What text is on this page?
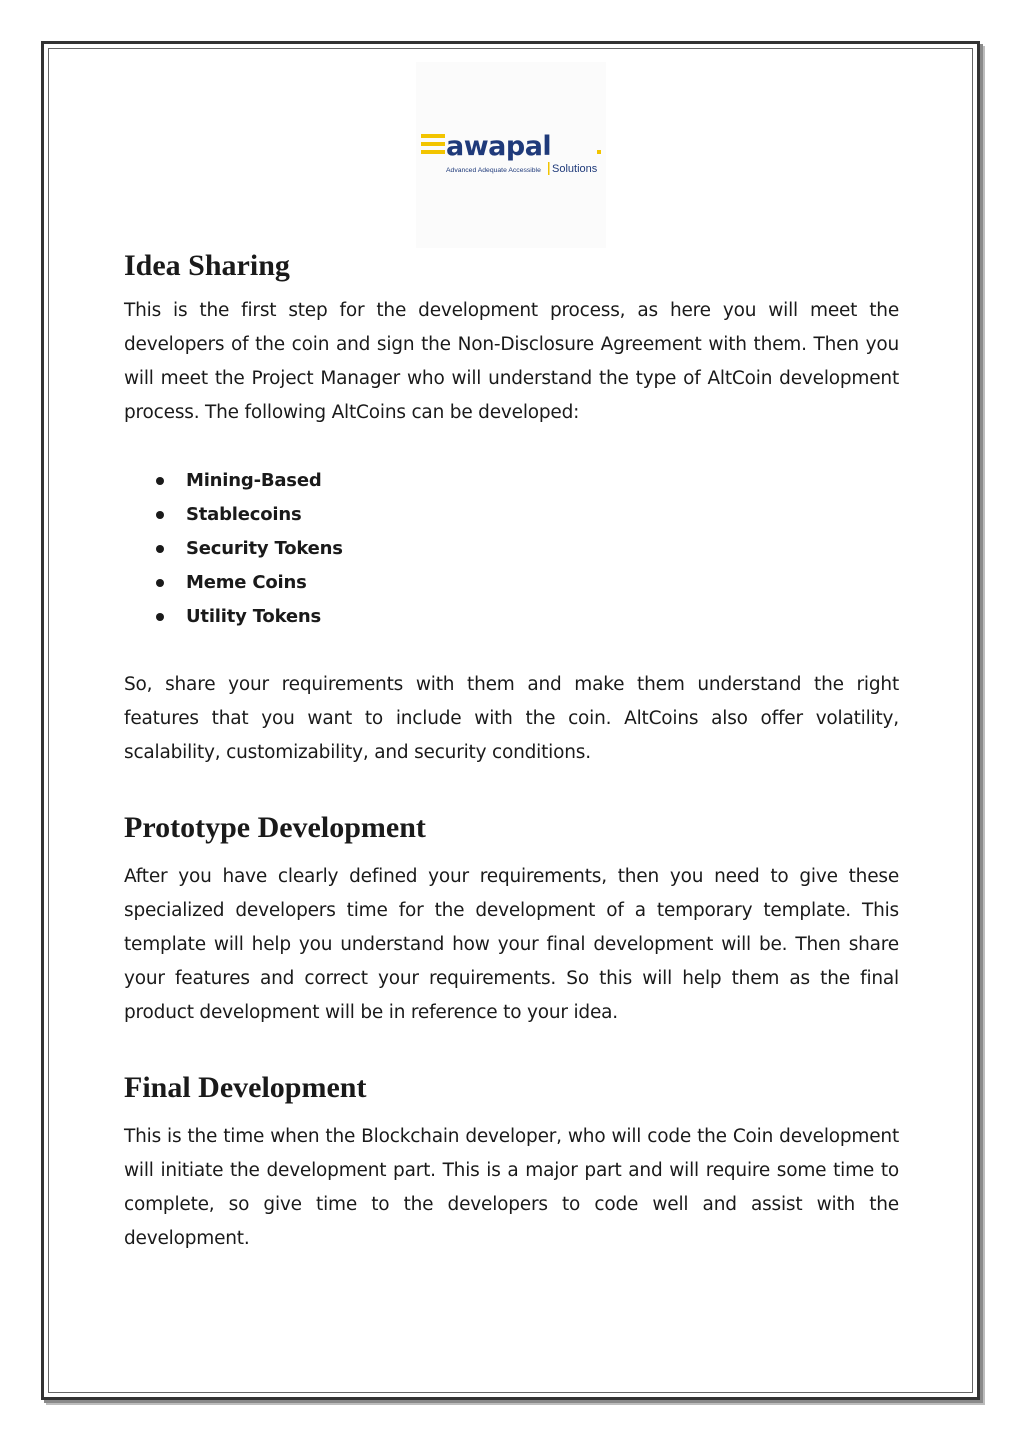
awapal
Advanced Adequate Accessible Solutions
Idea Sharing

This is the first step for the development process, as here you will meet the developers of the coin and sign the Non-Disclosure Agreement with them. Then you will meet the Project Manager who will understand the type of AltCoin development process. The following AltCoins can be developed:

Mining-Based
Stablecoins
Security Tokens
Meme Coins
Utility Tokens

So, share your requirements with them and make them understand the right features that you want to include with the coin. AltCoins also offer volatility, scalability, customizability, and security conditions.

Prototype Development

After you have clearly defined your requirements, then you need to give these specialized developers time for the development of a temporary template. This template will help you understand how your final development will be. Then share your features and correct your requirements. So this will help them as the final product development will be in reference to your idea.

Final Development

This is the time when the Blockchain developer, who will code the Coin development will initiate the development part. This is a major part and will require some time to complete, so give time to the developers to code well and assist with the development.
